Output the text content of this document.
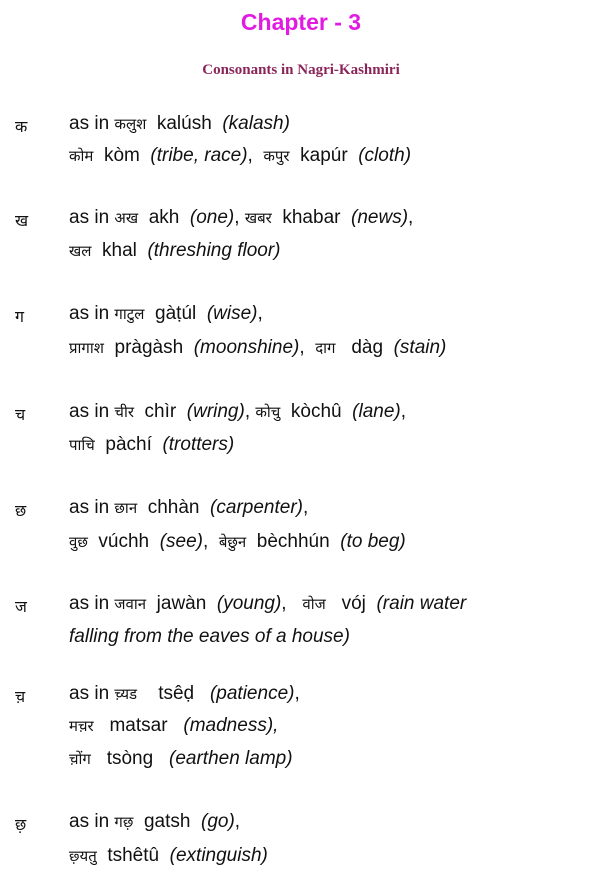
Chapter - 3
Consonants in Nagri-Kashmiri
क as in कलुश  kalúsh  (kalash)
कोम  kòm  (tribe, race),  कपुर  kapúr  (cloth)
ख as in अख  akh  (one), खबर  khabar  (news),
खल  khal  (threshing floor)
ग as in गाटुल  gàṭúl  (wise),
प्रागाश  pràgàsh  (moonshine),  दाग   dàg  (stain)
च as in चीर  chìr  (wring), कोचु  kòchû  (lane),
पाचि  pàchí  (trotters)
छ as in छान  chhàn  (carpenter),
वुछ  vúchh  (see),  बेछुन  bèchhún  (to beg)
ज as in जवान  jawàn  (young),   वोज   vój  (rain water
falling from the eaves of a house)
च़ as in च़्यड    tsêḍ   (patience),
मच़र   matsar   (madness),
च़ोंग   tsòng   (earthen lamp)
छ़ as in गछ़  gatsh  (go),
छ़्यतु  tshêtû  (extinguish)
